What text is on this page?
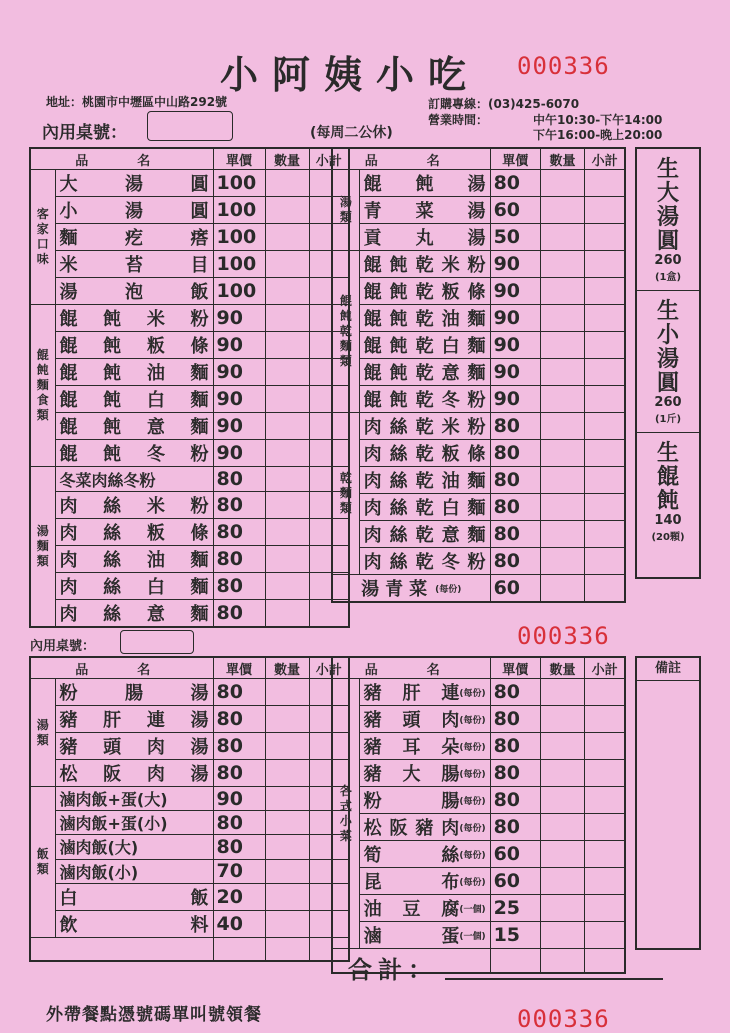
小阿姨小吃 000336
地址：桃園市中壢區中山路292號	訂購專線：(03)425-6070
營業時間：	中午10:30-下午14:00
下午16:00-晚上20:00
內用桌號：	(每周二公休)
品　名		單價	數量	小計

客家口味	大 湯 圓	100		

	小 湯 圓	100		

	麵 疙 瘩	100		

	米 苔 目	100		

	湯 泡 飯	100		

餛飩麵食類	餛 飩 米 粉	90		

	餛 飩 粄 條	90		

	餛 飩 油 麵	90		

	餛 飩 白 麵	90		

	餛 飩 意 麵	90		

	餛 飩 冬 粉	90		

湯麵類	冬菜肉絲冬粉	80		

	肉 絲 米 粉	80		

	肉 絲 粄 條	80		

	肉 絲 油 麵	80		

	肉 絲 白 麵	80		

	肉 絲 意 麵	80		
品　名		單價	數量	小計

湯類	餛 飩 湯	80		

	青 菜 湯	60		

	貢 丸 湯	50		

餛飩乾麵類	餛 飩 乾 米 粉	90		

	餛 飩 乾 粄 條	90		

	餛 飩 乾 油 麵	90		

	餛 飩 乾 白 麵	90		

	餛 飩 乾 意 麵	90		

	餛 飩 乾 冬 粉	90		

乾麵類	肉 絲 乾 米 粉	80		

	肉 絲 乾 粄 條	80		

	肉 絲 乾 油 麵	80		

	肉 絲 乾 白 麵	80		

	肉 絲 乾 意 麵	80		

	肉 絲 乾 冬 粉	80		

湯青菜 (每份)		60		
生大湯圓
260
(1盒)
生小湯圓
260
(1斤)
生餛飩
140
(20顆)
內用桌號：	000336
品　名		單價	數量	小計

湯類	粉 腸 湯	80		

	豬 肝 連 湯	80		

	豬 頭 肉 湯	80		

	松 阪 肉 湯	80		

飯類	滷肉飯+蛋(大)	90		

	滷肉飯+蛋(小)	80		

	滷肉飯(大)	80		

	滷肉飯(小)	70		

	白 飯	20		

	飲 料	40		

品　名		單價	數量	小計

各式小菜	豬 肝 連 (每份)	80		

	豬 頭 肉 (每份)	80		

	豬 耳 朵 (每份)	80		

	豬 大 腸 (每份)	80		

	粉 腸 (每份)	80		

	松 阪 豬 肉 (每份)	80		

	筍 絲 (每份)	60		

	昆 布 (每份)	60		

	油 豆 腐 (一個)	25		

	滷 蛋 (一個)	15		

備註
合計：
外帶餐點憑號碼單叫號領餐	000336
